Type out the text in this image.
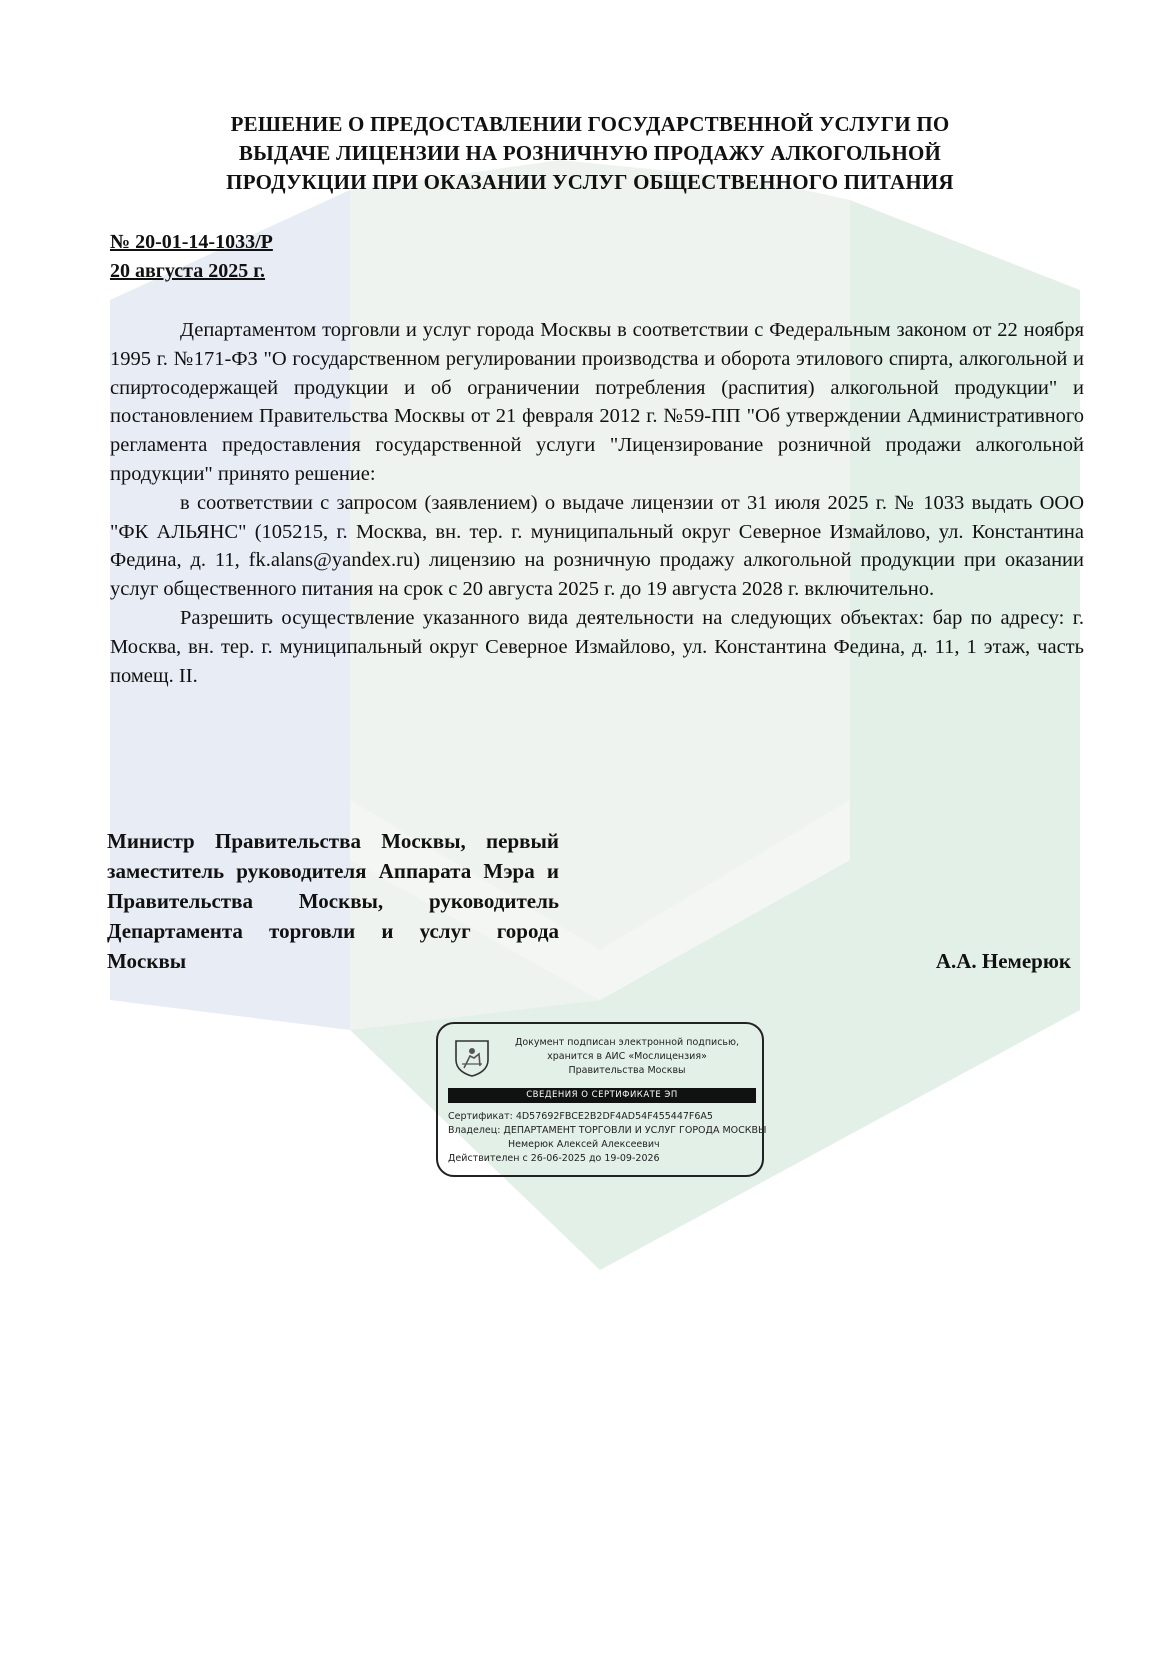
РЕШЕНИЕ О ПРЕДОСТАВЛЕНИИ ГОСУДАРСТВЕННОЙ УСЛУГИ ПО
ВЫДАЧЕ ЛИЦЕНЗИИ НА РОЗНИЧНУЮ ПРОДАЖУ АЛКОГОЛЬНОЙ
ПРОДУКЦИИ ПРИ ОКАЗАНИИ УСЛУГ ОБЩЕСТВЕННОГО ПИТАНИЯ
№ 20-01-14-1033/Р
20 августа 2025 г.

Департаментом торговли и услуг города Москвы в соответствии с Федеральным законом от 22 ноября 1995 г. №171-ФЗ "О государственном регулировании производства и оборота этилового спирта, алкогольной и спиртосодержащей продукции и об ограничении потребления (распития) алкогольной продукции" и постановлением Правительства Москвы от 21 февраля 2012 г. №59-ПП "Об утверждении Административного регламента предоставления государственной услуги "Лицензирование розничной продажи алкогольной продукции" принято решение:

в соответствии с запросом (заявлением) о выдаче лицензии от 31 июля 2025 г. № 1033 выдать ООО "ФК АЛЬЯНС" (105215, г. Москва, вн. тер. г. муниципальный округ Северное Измайлово, ул. Константина Федина, д. 11, fk.alans@yandex.ru) лицензию на розничную продажу алкогольной продукции при оказании услуг общественного питания на срок с 20 августа 2025 г. до 19 августа 2028 г. включительно.

Разрешить осуществление указанного вида деятельности на следующих объектах: бар по адресу: г. Москва, вн. тер. г. муниципальный округ Северное Измайлово, ул. Константина Федина, д. 11, 1 этаж, часть помещ. II.

Министр Правительства Москвы, первый заместитель руководителя Аппарата Мэра и Правительства Москвы, руководитель Департамента торговли и услуг города Москвы	А.А. Немерюк
Документ подписан электронной подписью,
хранится в АИС «Мослицензия»
Правительства Москвы
СВЕДЕНИЯ О СЕРТИФИКАТЕ ЭП
Сертификат: 4D57692FBCE2B2DF4AD54F455447F6A5
Владелец: ДЕПАРТАМЕНТ ТОРГОВЛИ И УСЛУГ ГОРОДА МОСКВЫ
Немерюк Алексей Алексеевич
Действителен с 26-06-2025 до 19-09-2026
